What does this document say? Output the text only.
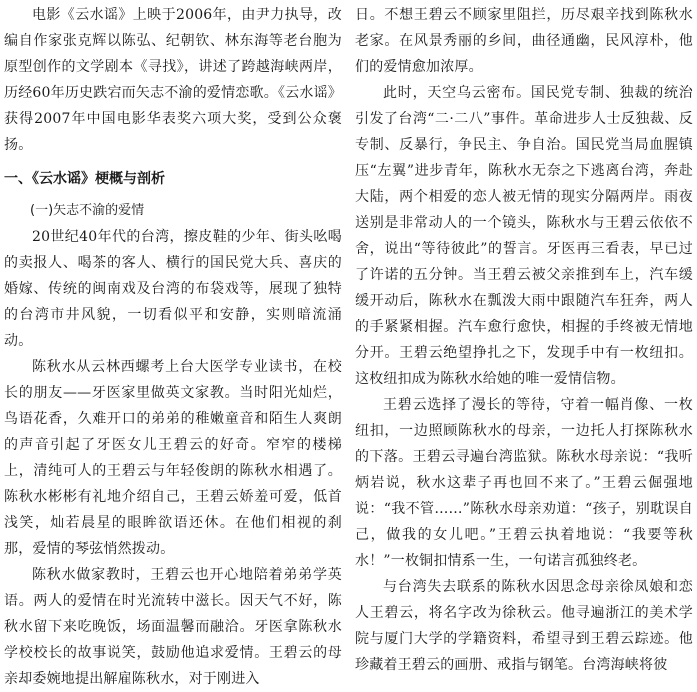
电影《云水谣》上映于2006年，由尹力执导，改编自作家张克辉以陈弘、纪朝钦、林东海等老台胞为原型创作的文学剧本《寻找》，讲述了跨越海峡两岸，历经60年历史跌宕而矢志不渝的爱情恋歌。《云水谣》获得2007年中国电影华表奖六项大奖，受到公众褒扬。

一、《云水谣》梗概与剖析
(一)矢志不渝的爱情

20世纪40年代的台湾，擦皮鞋的少年、街头吆喝的卖报人、喝茶的客人、横行的国民党大兵、喜庆的婚嫁、传统的闽南戏及台湾的布袋戏等，展现了独特的台湾市井风貌，一切看似平和安静，实则暗流涌动。

陈秋水从云林西螺考上台大医学专业读书，在校长的朋友——牙医家里做英文家教。当时阳光灿烂，鸟语花香，久难开口的弟弟的稚嫩童音和陌生人爽朗的声音引起了牙医女儿王碧云的好奇。窄窄的楼梯上，清纯可人的王碧云与年轻俊朗的陈秋水相遇了。陈秋水彬彬有礼地介绍自己，王碧云娇羞可爱，低首浅笑，灿若晨星的眼眸欲语还休。在他们相视的刹那，爱情的琴弦悄然拨动。

陈秋水做家教时，王碧云也开心地陪着弟弟学英语。两人的爱情在时光流转中滋长。因天气不好，陈秋水留下来吃晚饭，场面温馨而融洽。牙医拿陈秋水学校校长的故事说笑，鼓励他追求爱情。王碧云的母亲却委婉地提出解雇陈秋水，对于刚进入

日。不想王碧云不顾家里阻拦，历尽艰辛找到陈秋水老家。在风景秀丽的乡间，曲径通幽，民风淳朴，他们的爱情愈加浓厚。

此时，天空乌云密布。国民党专制、独裁的统治引发了台湾“二·二八”事件。革命进步人士反独裁、反专制、反暴行，争民主、争自治。国民党当局血腥镇压“左翼”进步青年，陈秋水无奈之下逃离台湾，奔赴大陆，两个相爱的恋人被无情的现实分隔两岸。雨夜送别是非常动人的一个镜头，陈秋水与王碧云依依不舍，说出“等待彼此”的誓言。牙医再三看表，早已过了许诺的五分钟。当王碧云被父亲推到车上，汽车缓缓开动后，陈秋水在瓢泼大雨中跟随汽车狂奔，两人的手紧紧相握。汽车愈行愈快，相握的手终被无情地分开。王碧云绝望挣扎之下，发现手中有一枚纽扣。这枚纽扣成为陈秋水给她的唯一爱情信物。

王碧云选择了漫长的等待，守着一幅肖像、一枚纽扣，一边照顾陈秋水的母亲，一边托人打探陈秋水的下落。王碧云寻遍台湾监狱。陈秋水母亲说：“我听炳岩说，秋水这辈子再也回不来了。”王碧云倔强地说：“我不管……”陈秋水母亲劝道：“孩子，别耽误自己，做我的女儿吧。”王碧云执着地说：“我要等秋水！”一枚铜扣情系一生，一句诺言孤独终老。

与台湾失去联系的陈秋水因思念母亲徐凤娘和恋人王碧云，将名字改为徐秋云。他寻遍浙江的美术学院与厦门大学的学籍资料，希望寻到王碧云踪迹。他珍藏着王碧云的画册、戒指与钢笔。台湾海峡将彼
